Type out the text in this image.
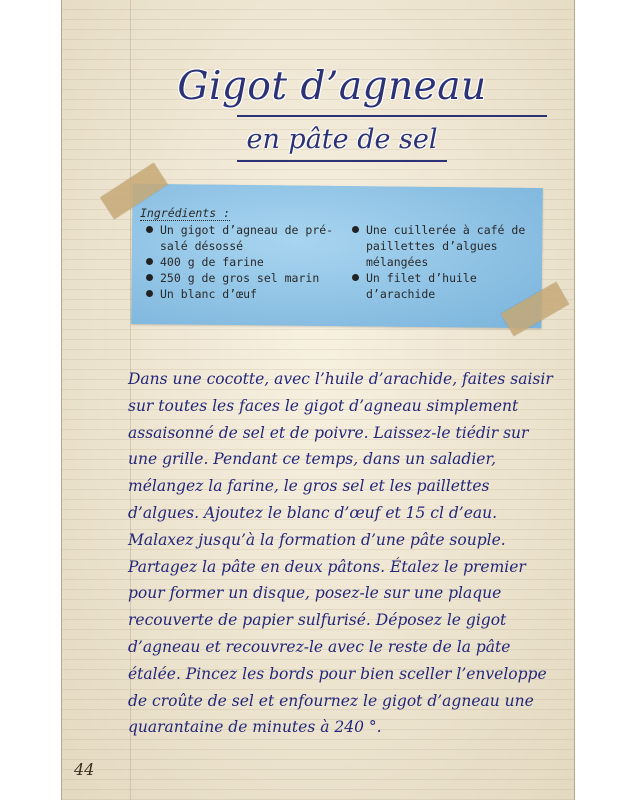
Gigot d’agneau
en pâte de sel
Ingrédients :
Un gigot d’agneau de pré-salé désossé
400 g de farine
250 g de gros sel marin
Un blanc d’œuf
Une cuillerée à café de paillettes d’algues mélangées
Un filet d’huile d’arachide
Dans une cocotte, avec l’huile d’arachide, faites saisir
sur toutes les faces le gigot d’agneau simplement
assaisonné de sel et de poivre. Laissez-le tiédir sur
une grille. Pendant ce temps, dans un saladier,
mélangez la farine, le gros sel et les paillettes
d’algues. Ajoutez le blanc d’œuf et 15 cl d’eau.
Malaxez jusqu’à la formation d’une pâte souple.
Partagez la pâte en deux pâtons. Étalez le premier
pour former un disque, posez-le sur une plaque
recouverte de papier sulfurisé. Déposez le gigot
d’agneau et recouvrez-le avec le reste de la pâte
étalée. Pincez les bords pour bien sceller l’enveloppe
de croûte de sel et enfournez le gigot d’agneau une
quarantaine de minutes à 240 °.
44
